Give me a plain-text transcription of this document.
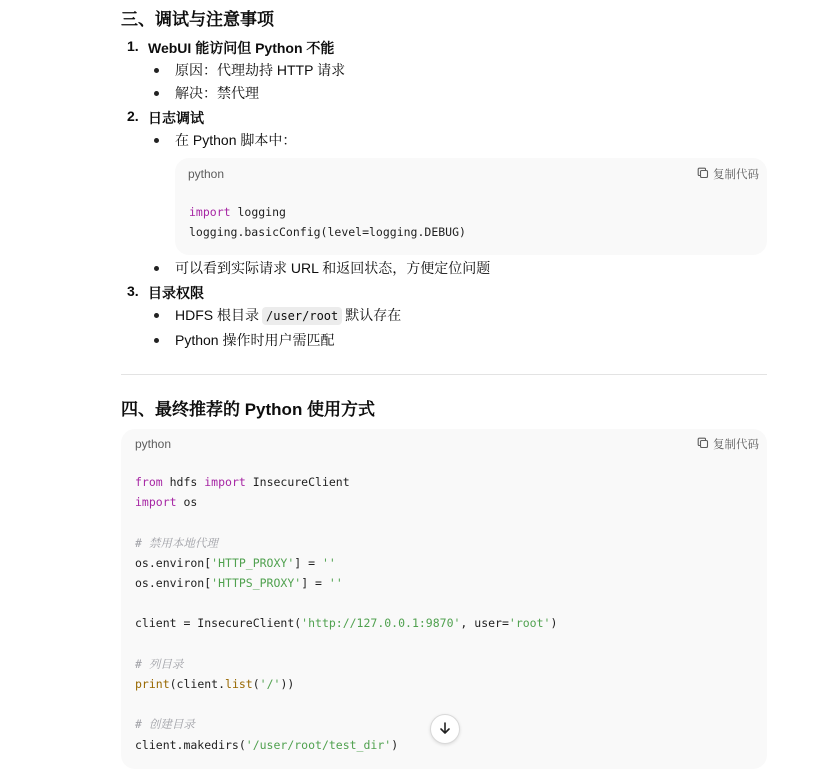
三、调试与注意事项
1. WebUI 能访问但 Python 不能
原因：代理劫持 HTTP 请求
解决：禁代理
2. 日志调试
在 Python 脚本中：
python	复制代码
import logging
logging.basicConfig(level=logging.DEBUG)
可以看到实际请求 URL 和返回状态，方便定位问题
3. 目录权限
HDFS 根目录 /user/root 默认存在
Python 操作时用户需匹配
四、最终推荐的 Python 使用方式
python	复制代码
from hdfs import InsecureClient
import os

# 禁用本地代理
os.environ['HTTP_PROXY'] = ''
os.environ['HTTPS_PROXY'] = ''

client = InsecureClient('http://127.0.0.1:9870', user='root')

# 列目录
print(client.list('/'))

# 创建目录
client.makedirs('/user/root/test_dir')
